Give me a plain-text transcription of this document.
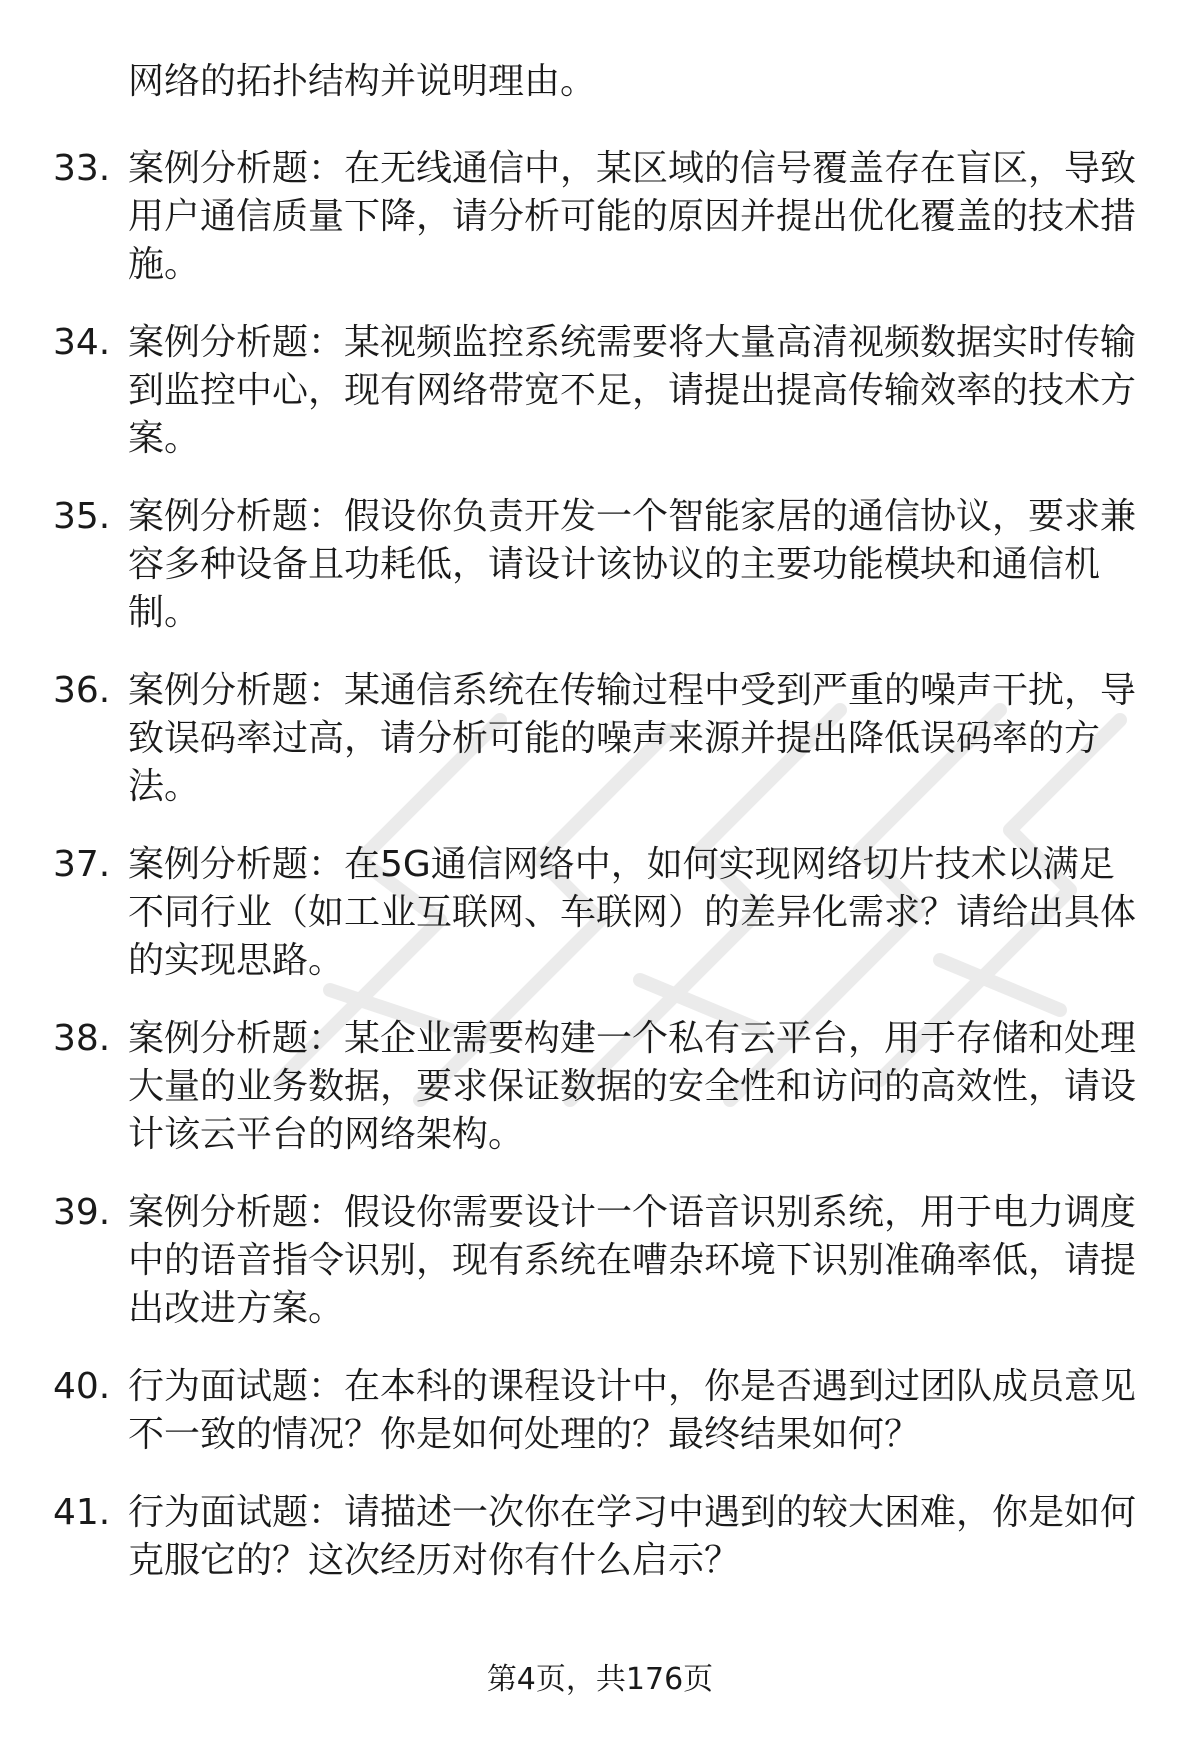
网络的拓扑结构并说明理由。

33. 案例分析题：在无线通信中，某区域的信号覆盖存在盲区，导致用户通信质量下降，请分析可能的原因并提出优化覆盖的技术措施。
34. 案例分析题：某视频监控系统需要将大量高清视频数据实时传输到监控中心，现有网络带宽不足，请提出提高传输效率的技术方案。
35. 案例分析题：假设你负责开发一个智能家居的通信协议，要求兼容多种设备且功耗低，请设计该协议的主要功能模块和通信机制。
36. 案例分析题：某通信系统在传输过程中受到严重的噪声干扰，导致误码率过高，请分析可能的噪声来源并提出降低误码率的方法。
37. 案例分析题：在5G通信网络中，如何实现网络切片技术以满足不同行业（如工业互联网、车联网）的差异化需求？请给出具体的实现思路。
38. 案例分析题：某企业需要构建一个私有云平台，用于存储和处理大量的业务数据，要求保证数据的安全性和访问的高效性，请设计该云平台的网络架构。
39. 案例分析题：假设你需要设计一个语音识别系统，用于电力调度中的语音指令识别，现有系统在嘈杂环境下识别准确率低，请提出改进方案。
40. 行为面试题：在本科的课程设计中，你是否遇到过团队成员意见不一致的情况？你是如何处理的？最终结果如何？
41. 行为面试题：请描述一次你在学习中遇到的较大困难，你是如何克服它的？这次经历对你有什么启示？
第4页，共176页
